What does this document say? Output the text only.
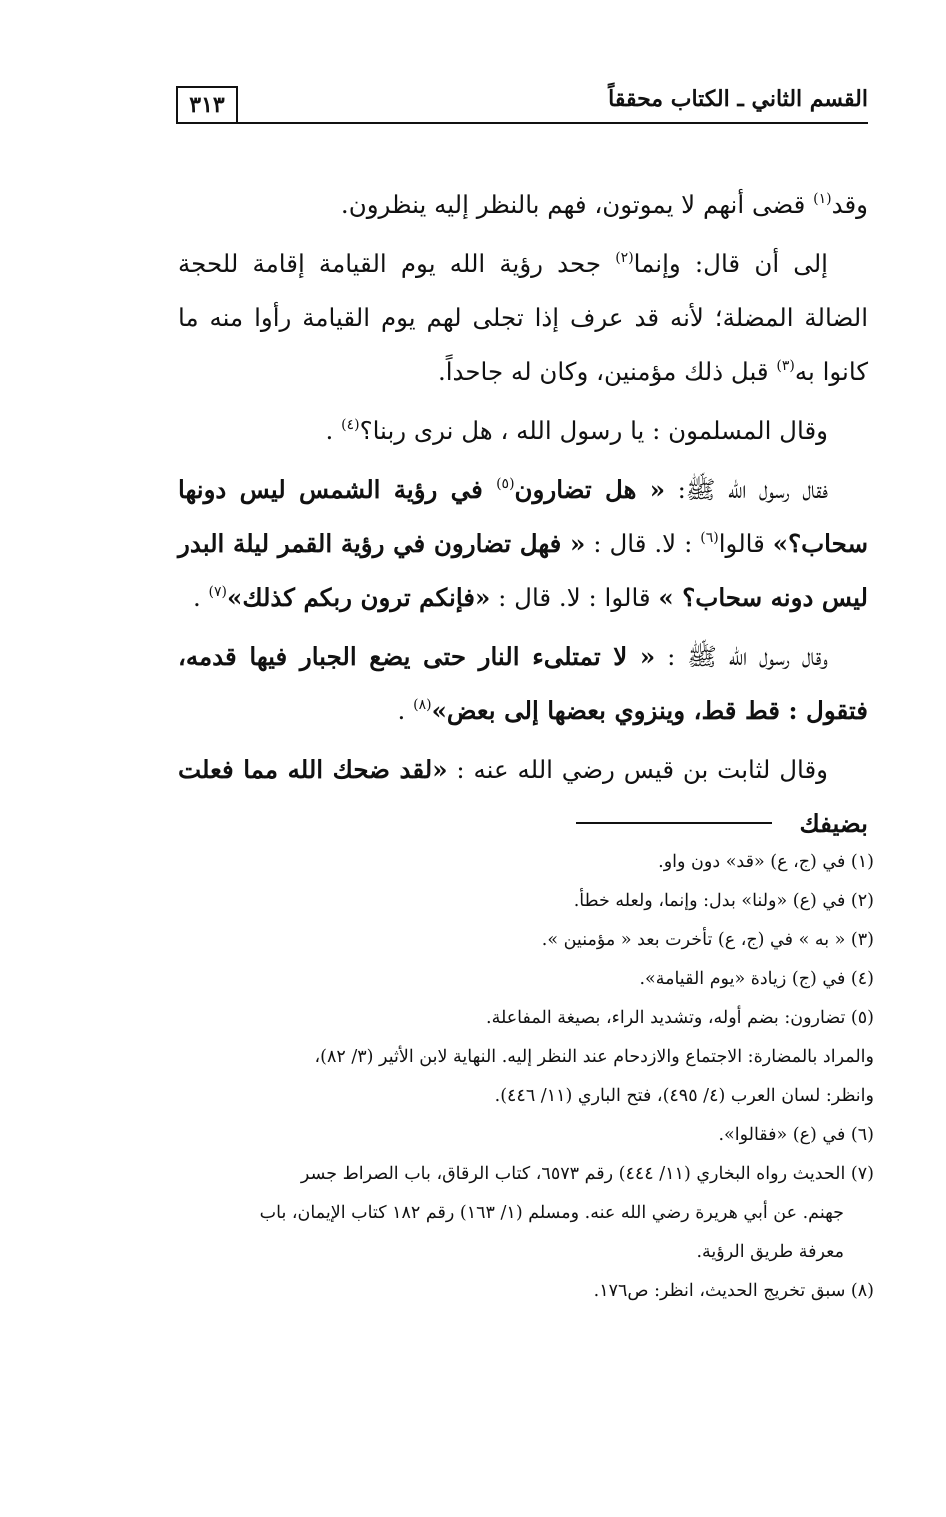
القسم الثاني ـ الكتاب محققاً
٣١٣

وقد$^{(١)}$ قضى أنهم لا يموتون، فهم بالنظر إليه ينظرون.

إلى أن قال: وإنما$^{(٢)}$ جحد رؤية الله يوم القيامة إقامة للحجة الضالة المضلة؛ لأنه قد عرف إذا تجلى لهم يوم القيامة رأوا منه ما كانوا به$^{(٣)}$ قبل ذلك مؤمنين، وكان له جاحداً.

وقال المسلمون : يا رسول الله ، هل نرى ربنا؟$^{(٤)}$ .

فقال رسول الله ﷺ: « هل تضارون$^{(٥)}$ في رؤية الشمس ليس دونها سحاب؟» قالوا$^{(٦)}$ : لا. قال : « فهل تضارون في رؤية القمر ليلة البدر ليس دونه سحاب؟ » قالوا : لا. قال : «فإنكم ترون ربكم كذلك»$^{(٧)}$ .

وقال رسول الله ﷺ : « لا تمتلىء النار حتى يضع الجبار فيها قدمه، فتقول : قط قط، وينزوي بعضها إلى بعض»$^{(٨)}$ .

وقال لثابت بن قيس رضي الله عنه : «لقد ضحك الله مما فعلت بضيفك

(١) في (ج، ع) «قد» دون واو.
(٢) في (ع) «ولنا» بدل: وإنما، ولعله خطأ.
(٣) « به » في (ج، ع) تأخرت بعد « مؤمنين ».
(٤) في (ج) زيادة «يوم القيامة».
(٥) تضارون: بضم أوله، وتشديد الراء، بصيغة المفاعلة.
والمراد بالمضارة: الاجتماع والازدحام عند النظر إليه. النهاية لابن الأثير (٣/ ٨٢)،
وانظر: لسان العرب (٤/ ٤٩٥)، فتح الباري (١١/ ٤٤٦).
(٦) في (ع) «فقالوا».
(٧) الحديث رواه البخاري (١١/ ٤٤٤) رقم ٦٥٧٣، كتاب الرقاق، باب الصراط جسر
جهنم. عن أبي هريرة رضي الله عنه. ومسلم (١/ ١٦٣) رقم ١٨٢ كتاب الإيمان، باب
معرفة طريق الرؤية.
(٨) سبق تخريج الحديث، انظر: ص١٧٦.
